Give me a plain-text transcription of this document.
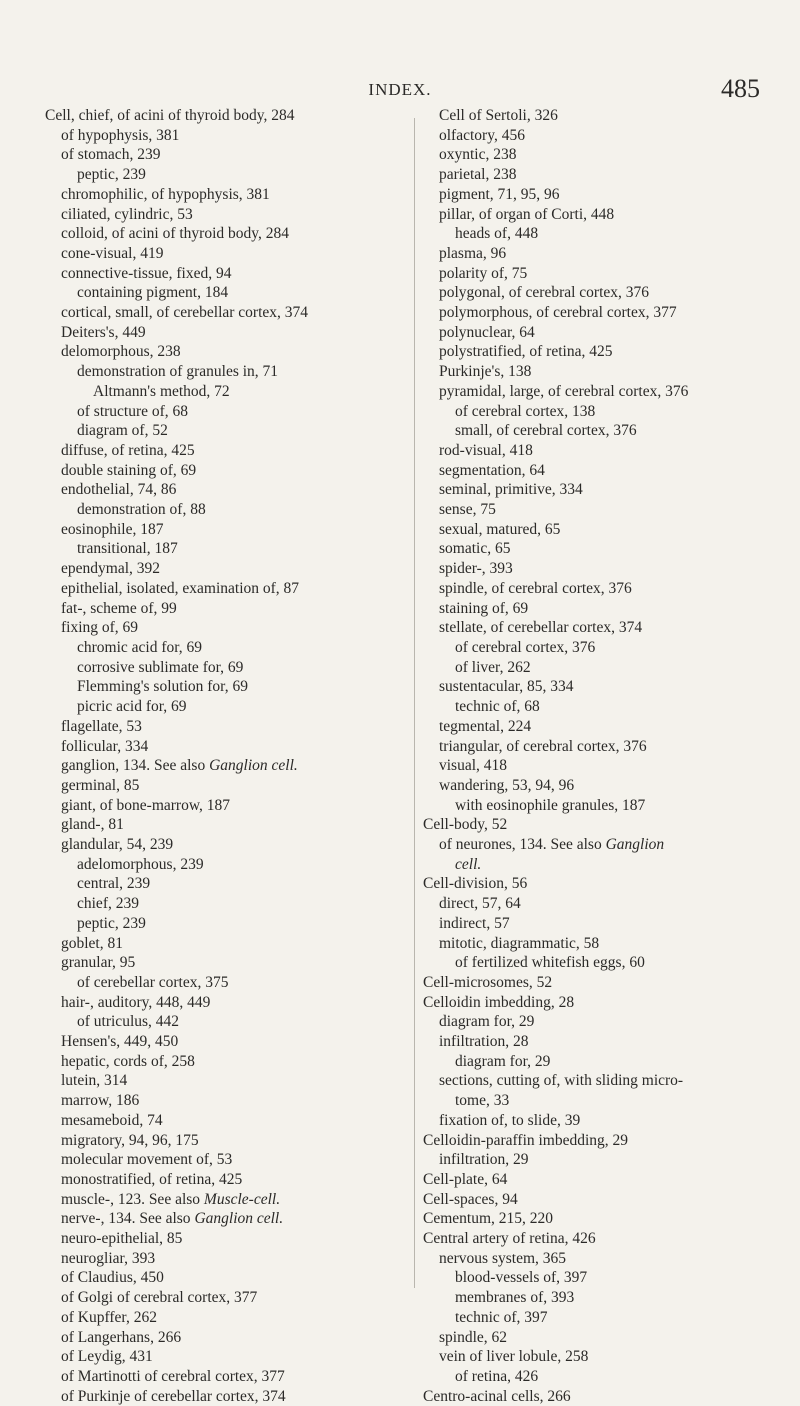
INDEX.	485
Cell, chief, of acini of thyroid body, 284
of hypophysis, 381
of stomach, 239
peptic, 239
chromophilic, of hypophysis, 381
ciliated, cylindric, 53
colloid, of acini of thyroid body, 284
cone-visual, 419
connective-tissue, fixed, 94
containing pigment, 184
cortical, small, of cerebellar cortex, 374
Deiters's, 449
delomorphous, 238
demonstration of granules in, 71
Altmann's method, 72
of structure of, 68
diagram of, 52
diffuse, of retina, 425
double staining of, 69
endothelial, 74, 86
demonstration of, 88
eosinophile, 187
transitional, 187
ependymal, 392
epithelial, isolated, examination of, 87
fat-, scheme of, 99
fixing of, 69
chromic acid for, 69
corrosive sublimate for, 69
Flemming's solution for, 69
picric acid for, 69
flagellate, 53
follicular, 334
ganglion, 134. See also Ganglion cell.
germinal, 85
giant, of bone-marrow, 187
gland-, 81
glandular, 54, 239
adelomorphous, 239
central, 239
chief, 239
peptic, 239
goblet, 81
granular, 95
of cerebellar cortex, 375
hair-, auditory, 448, 449
of utriculus, 442
Hensen's, 449, 450
hepatic, cords of, 258
lutein, 314
marrow, 186
mesameboid, 74
migratory, 94, 96, 175
molecular movement of, 53
monostratified, of retina, 425
muscle-, 123. See also Muscle-cell.
nerve-, 134. See also Ganglion cell.
neuro-epithelial, 85
neurogliar, 393
of Claudius, 450
of Golgi of cerebral cortex, 377
of Kupffer, 262
of Langerhans, 266
of Leydig, 431
of Martinotti of cerebral cortex, 377
of Purkinje of cerebellar cortex, 374
Cell of Sertoli, 326
olfactory, 456
oxyntic, 238
parietal, 238
pigment, 71, 95, 96
pillar, of organ of Corti, 448
heads of, 448
plasma, 96
polarity of, 75
polygonal, of cerebral cortex, 376
polymorphous, of cerebral cortex, 377
polynuclear, 64
polystratified, of retina, 425
Purkinje's, 138
pyramidal, large, of cerebral cortex, 376
of cerebral cortex, 138
small, of cerebral cortex, 376
rod-visual, 418
segmentation, 64
seminal, primitive, 334
sense, 75
sexual, matured, 65
somatic, 65
spider-, 393
spindle, of cerebral cortex, 376
staining of, 69
stellate, of cerebellar cortex, 374
of cerebral cortex, 376
of liver, 262
sustentacular, 85, 334
technic of, 68
tegmental, 224
triangular, of cerebral cortex, 376
visual, 418
wandering, 53, 94, 96
with eosinophile granules, 187
Cell-body, 52
of neurones, 134. See also Ganglion
cell.
Cell-division, 56
direct, 57, 64
indirect, 57
mitotic, diagrammatic, 58
of fertilized whitefish eggs, 60
Cell-microsomes, 52
Celloidin imbedding, 28
diagram for, 29
infiltration, 28
diagram for, 29
sections, cutting of, with sliding micro-
tome, 33
fixation of, to slide, 39
Celloidin-paraffin imbedding, 29
infiltration, 29
Cell-plate, 64
Cell-spaces, 94
Cementum, 215, 220
Central artery of retina, 426
nervous system, 365
blood-vessels of, 397
membranes of, 393
technic of, 397
spindle, 62
vein of liver lobule, 258
of retina, 426
Centro-acinal cells, 266
